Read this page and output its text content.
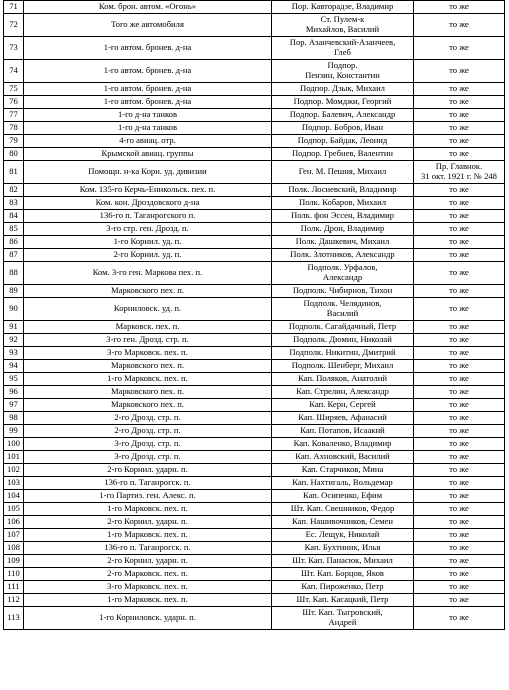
71	Ком. брон. автом. «Огонь»	Пор. Кавторадзе, Владимир	то же

72	Того же автомобиля	Ст. Пулем-к
Михайлов, Василий	то же

73	1-го автом. бронев. д-на	Пор. Азанчевский-Азанчеев,
Глеб	то же

74	1-го автом. бронев. д-на	Подпор.
Пензин, Константин	то же

75	1-го автом. бронев. д-на	Подпор. Дзык, Михаил	то же

76	1-го автом. бронев. д-на	Подпор. Момджи, Георгий	то же

77	1-го д-на танков	Подпор. Балевич, Александр	то же

78	1-го д-на танков	Подпор. Бобров, Иван	то же

79	4-го авиац. отр.	Подпор. Байдак, Леонид	то же

80	Крымской авиац. группы	Подпор. Гребнев, Валентин	то же

81	Помощн. н-ка Корн. уд. дивизии	Ген. М. Пешня, Михаил	Пр. Главнок.
31 окт. 1921 г. № 248

82	Ком. 135-го Керчь-Еникольск. пех. п.	Полк. Лосиевский, Владимир	то же

83	Ком. кон. Дроздовского д-на	Полк. Кобаров, Михаил	то же

84	136-го п. Таганрогского п.	Полк. фон Эссен, Владимир	то же

85	3-го стр. ген. Дрозд. п.	Полк. Дрон, Владимир	то же

86	1-го Корнил. уд. п.	Полк. Дашкевич, Михаил	то же

87	2-го Корнил. уд. п.	Полк. Злотников, Александр	то же

88	Ком. 3-го ген. Маркова пех. п.	Подполк. Урфалов,
Александр	то же

89	Марковского пех. п.	Подполк. Чибирнов, Тихон	то же

90	Корниловск. уд. п.	Подполк. Челядинов,
Василий	то же

91	Марковск. пех. п.	Подполк. Сагайдачный, Петр	то же

92	3-го ген. Дрозд. стр. п.	Подполк. Дюмин, Николай	то же

93	3-го Марковск. пех. п.	Подполк. Никитин, Дмитрий	то же

94	Марковского пех. п.	Подполк. Шенберг, Михаил	то же

95	1-го Марковск. пех. п.	Кап. Поляков, Анатолий	то же

96	Марковского пех. п.	Кап. Стрелин, Александр	то же

97	Марковского пех. п.	Кап. Керн, Сергей	то же

98	2-го Дрозд. стр. п.	Кап. Ширяев, Афанасий	то же

99	2-го Дрозд. стр. п.	Кап. Потапов, Исаакий	то же

100	3-го Дрозд. стр. п.	Кап. Коваленко, Владимир	то же

101	3-го Дрозд. стр. п.	Кап. Ахновский, Василий	то же

102	2-го Корнил. ударн. п.	Кап. Старчиков, Мина	то же

103	136-го п. Таганрогск. п.	Кап. Нахтигаль, Вольдемар	то же

104	1-го Партиз. ген. Алекс. п.	Кап. Осипенко, Ефим	то же

105	1-го Марковск. пех. п.	Шт. Кап. Свешников, Федор	то же

106	2-го Корнил. ударн. п.	Кап. Нашивочников, Семен	то же

107	1-го Марковск. пех. п.	Ес. Лещук, Николай	то же

108	136-го п. Таганрогск. п.	Кап. Бухтиник, Илья	то же

109	2-го Корнил. ударн. п.	Шт. Кап. Панасюк, Михаил	то же

110	2-го Марковск. пех. п.	Шт. Кап. Борцов, Яков	то же

111	3-го Марковск. пех. п.	Кап. Пироженко, Петр	то же

112	1-го Марковск. пех. п.	Шт. Кап. Касацкий, Петр	то же

113	1-го Корниловск. ударн. п.	Шт. Кап. Тыгровский,
Андрей	то же
